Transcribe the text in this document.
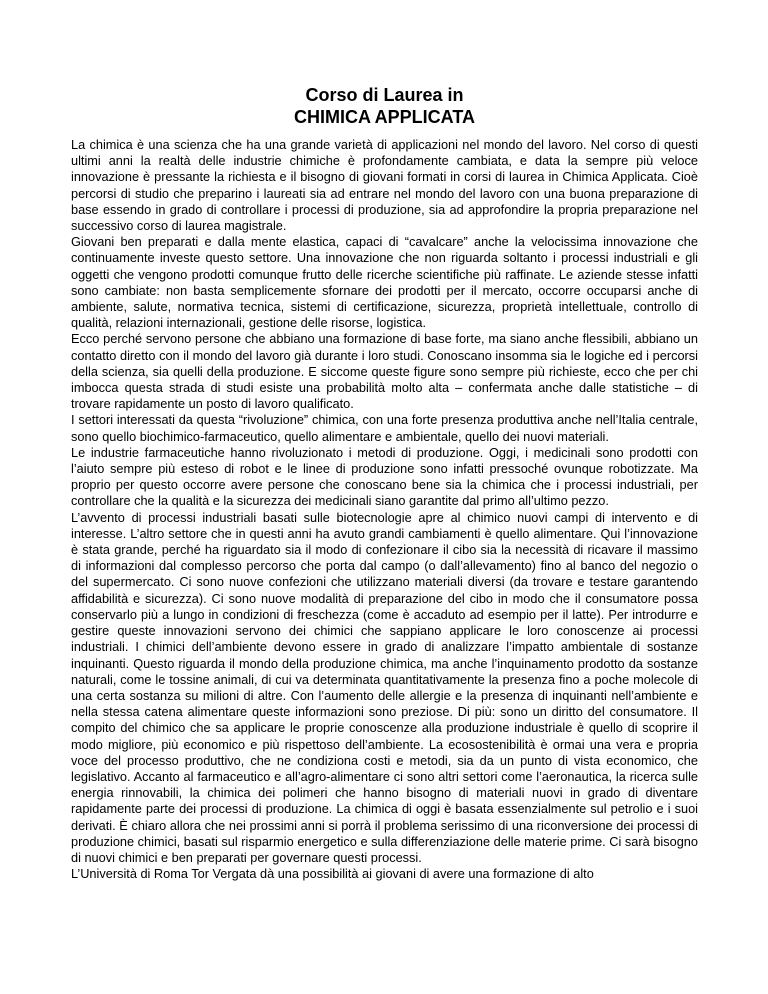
Corso di Laurea in
CHIMICA APPLICATA

La chimica è una scienza che ha una grande varietà di applicazioni nel mondo del lavoro. Nel corso di questi ultimi anni la realtà delle industrie chimiche è profondamente cambiata, e data la sempre più veloce innovazione è pressante la richiesta e il bisogno di giovani formati in corsi di laurea in Chimica Applicata. Cioè percorsi di studio che preparino i laureati sia ad entrare nel mondo del lavoro con una buona preparazione di base essendo in grado di controllare i processi di produzione, sia ad approfondire la propria preparazione nel successivo corso di laurea magistrale.

Giovani ben preparati e dalla mente elastica, capaci di “cavalcare” anche la velocissima innovazione che continuamente investe questo settore. Una innovazione che non riguarda soltanto i processi industriali e gli oggetti che vengono prodotti comunque frutto delle ricerche scientifiche più raffinate. Le aziende stesse infatti sono cambiate: non basta semplicemente sfornare dei prodotti per il mercato, occorre occuparsi anche di ambiente, salute, normativa tecnica, sistemi di certificazione, sicurezza, proprietà intellettuale, controllo di qualità, relazioni internazionali, gestione delle risorse, logistica.

Ecco perché servono persone che abbiano una formazione di base forte, ma siano anche flessibili, abbiano un contatto diretto con il mondo del lavoro già durante i loro studi. Conoscano insomma sia le logiche ed i percorsi della scienza, sia quelli della produzione. E siccome queste figure sono sempre più richieste, ecco che per chi imbocca questa strada di studi esiste una probabilità molto alta – confermata anche dalle statistiche – di trovare rapidamente un posto di lavoro qualificato.

I settori interessati da questa “rivoluzione” chimica, con una forte presenza produttiva anche nell’Italia centrale, sono quello biochimico-farmaceutico, quello alimentare e ambientale, quello dei nuovi materiali.

Le industrie farmaceutiche hanno rivoluzionato i metodi di produzione. Oggi, i medicinali sono prodotti con l’aiuto sempre più esteso di robot e le linee di produzione sono infatti pressoché ovunque robotizzate. Ma proprio per questo occorre avere persone che conoscano bene sia la chimica che i processi industriali, per controllare che la qualità e la sicurezza dei medicinali siano garantite dal primo all’ultimo pezzo.

L’avvento di processi industriali basati sulle biotecnologie apre al chimico nuovi campi di intervento e di interesse. L’altro settore che in questi anni ha avuto grandi cambiamenti è quello alimentare. Qui l’innovazione è stata grande, perché ha riguardato sia il modo di confezionare il cibo sia la necessità di ricavare il massimo di informazioni dal complesso percorso che porta dal campo (o dall’allevamento) fino al banco del negozio o del supermercato. Ci sono nuove confezioni che utilizzano materiali diversi (da trovare e testare garantendo affidabilità e sicurezza). Ci sono nuove modalità di preparazione del cibo in modo che il consumatore possa conservarlo più a lungo in condizioni di freschezza (come è accaduto ad esempio per il latte). Per introdurre e gestire queste innovazioni servono dei chimici che sappiano applicare le loro conoscenze ai processi industriali. I chimici dell’ambiente devono essere in grado di analizzare l’impatto ambientale di sostanze inquinanti. Questo riguarda il mondo della produzione chimica, ma anche l’inquinamento prodotto da sostanze naturali, come le tossine animali, di cui va determinata quantitativamente la presenza fino a poche molecole di una certa sostanza su milioni di altre. Con l’aumento delle allergie e la presenza di inquinanti nell’ambiente e nella stessa catena alimentare queste informazioni sono preziose. Di più: sono un diritto del consumatore. Il compito del chimico che sa applicare le proprie conoscenze alla produzione industriale è quello di scoprire il modo migliore, più economico e più rispettoso dell’ambiente. La ecosostenibilità è ormai una vera e propria voce del processo produttivo, che ne condiziona costi e metodi, sia da un punto di vista economico, che legislativo. Accanto al farmaceutico e all’agro-alimentare ci sono altri settori come l’aeronautica, la ricerca sulle energia rinnovabili, la chimica dei polimeri che hanno bisogno di materiali nuovi in grado di diventare rapidamente parte dei processi di produzione. La chimica di oggi è basata essenzialmente sul petrolio e i suoi derivati. È chiaro allora che nei prossimi anni si porrà il problema serissimo di una riconversione dei processi di produzione chimici, basati sul risparmio energetico e sulla differenziazione delle materie prime. Ci sarà bisogno di nuovi chimici e ben preparati per governare questi processi.

L’Università di Roma Tor Vergata dà una possibilità ai giovani di avere una formazione di alto
